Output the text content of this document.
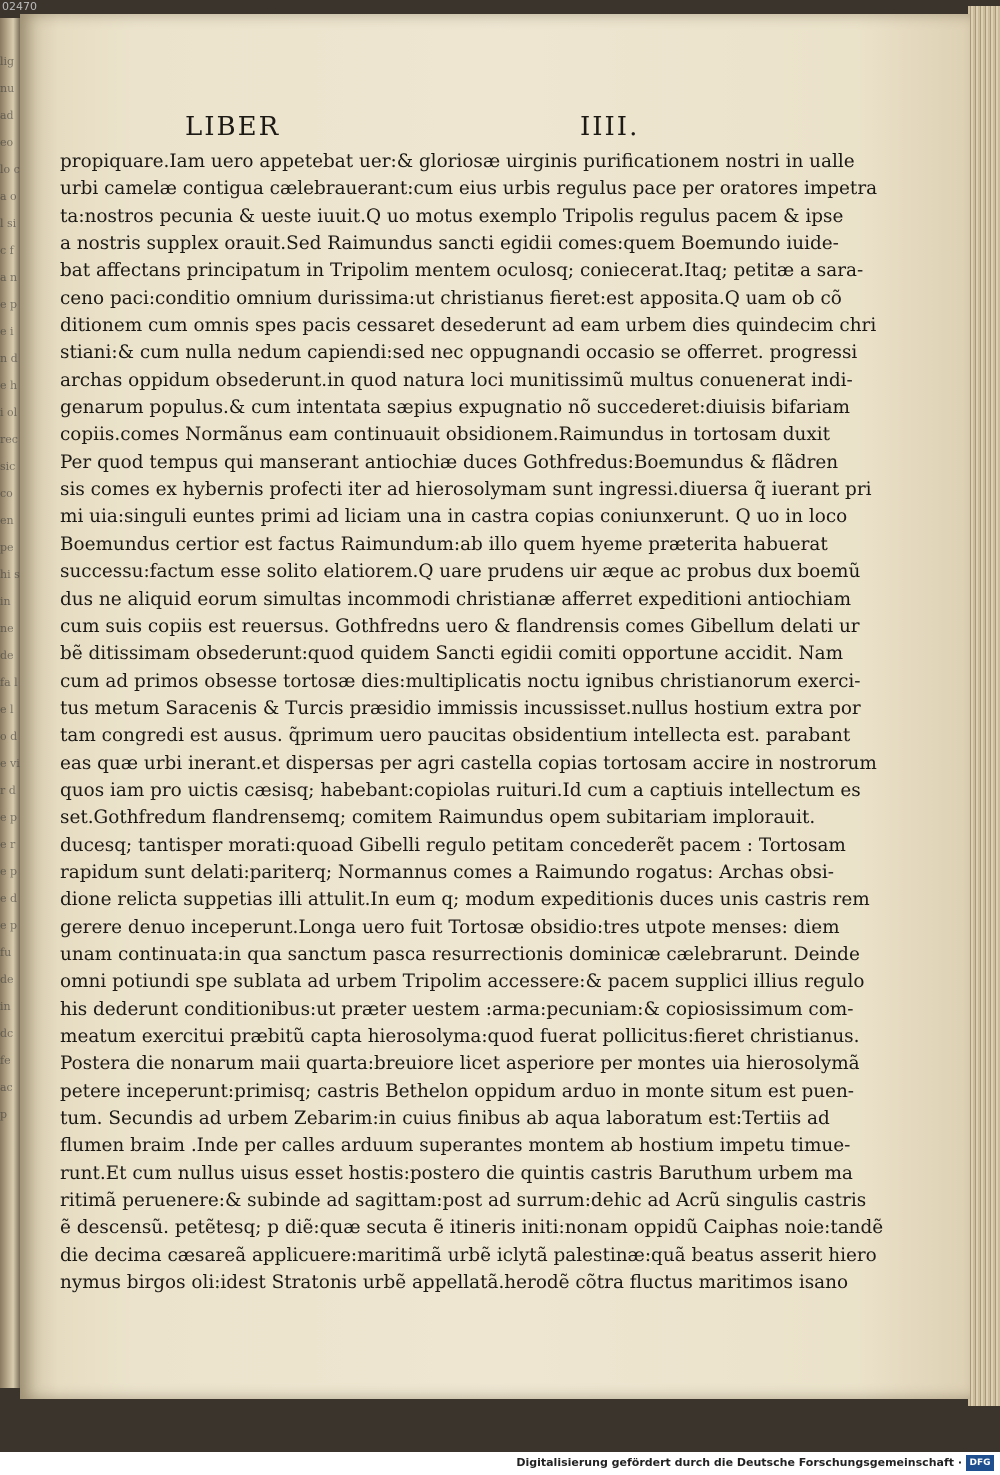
lig nu ad eo lo ca ol sic fa ne pe in de hi ol rec sic co en pe hi sin ne de fa le lo de vir de pe re pe de p fu de in dc fe ac p
02470
LIBER	IIII.
propiquare.Iam uero appetebat uer:& gloriosæ uirginis purificationem nostri in ualle
urbi camelæ contigua cælebrauerant:cum eius urbis regulus pace per oratores impetra
ta:nostros pecunia & ueste iuuit.Q uo motus exemplo Tripolis regulus pacem & ipse
a nostris supplex orauit.Sed Raimundus sancti egidii comes:quem Boemundo iuide-
bat affectans principatum in Tripolim mentem oculosq; coniecerat.Itaq; petitæ a sara-
ceno paci:conditio omnium durissima:ut christianus fieret:est apposita.Q uam ob cõ
ditionem cum omnis spes pacis cessaret desederunt ad eam urbem dies quindecim chri
stiani:& cum nulla nedum capiendi:sed nec oppugnandi occasio se offerret. progressi
archas oppidum obsederunt.in quod natura loci munitissimũ multus conuenerat indi-
genarum populus.& cum intentata sæpius expugnatio nõ succederet:diuisis bifariam
copiis.comes Normãnus eam continuauit obsidionem.Raimundus in tortosam duxit
Per quod tempus qui manserant antiochiæ duces Gothfredus:Boemundus & flãdren
sis comes ex hybernis profecti iter ad hierosolymam sunt ingressi.diuersa q̃ iuerant pri
mi uia:singuli euntes primi ad liciam una in castra copias coniunxerunt. Q uo in loco
Boemundus certior est factus Raimundum:ab illo quem hyeme præterita habuerat
successu:factum esse solito elatiorem.Q uare prudens uir æque ac probus dux boemũ
dus ne aliquid eorum simultas incommodi christianæ afferret expeditioni antiochiam
cum suis copiis est reuersus. Gothfredns uero & flandrensis comes Gibellum delati ur
bẽ ditissimam obsederunt:quod quidem Sancti egidii comiti opportune accidit. Nam
cum ad primos obsesse tortosæ dies:multiplicatis noctu ignibus christianorum exerci-
tus metum Saracenis & Turcis præsidio immissis incussisset.nullus hostium extra por
tam congredi est ausus. q̃primum uero paucitas obsidentium intellecta est. parabant
eas quæ urbi inerant.et dispersas per agri castella copias tortosam accire in nostrorum
quos iam pro uictis cæsisq; habebant:copiolas ruituri.Id cum a captiuis intellectum es
set.Gothfredum flandrensemq; comitem Raimundus opem subitariam implorauit.
ducesq; tantisper morati:quoad Gibelli regulo petitam concederẽt pacem : Tortosam
rapidum sunt delati:pariterq; Normannus comes a Raimundo rogatus: Archas obsi-
dione relicta suppetias illi attulit.In eum q; modum expeditionis duces unis castris rem
gerere denuo inceperunt.Longa uero fuit Tortosæ obsidio:tres utpote menses: diem
unam continuata:in qua sanctum pasca resurrectionis dominicæ cælebrarunt. Deinde
omni potiundi spe sublata ad urbem Tripolim accessere:& pacem supplici illius regulo
his dederunt conditionibus:ut præter uestem :arma:pecuniam:& copiosissimum com-
meatum exercitui præbitũ capta hierosolyma:quod fuerat pollicitus:fieret christianus.
Postera die nonarum maii quarta:breuiore licet asperiore per montes uia hierosolymã
petere inceperunt:primisq; castris Bethelon oppidum arduo in monte situm est puen-
tum. Secundis ad urbem Zebarim:in cuius finibus ab aqua laboratum est:Tertiis ad
flumen braim .Inde per calles arduum superantes montem ab hostium impetu timue-
runt.Et cum nullus uisus esset hostis:postero die quintis castris Baruthum urbem ma
ritimã peruenere:& subinde ad sagittam:post ad surrum:dehic ad Acrũ singulis castris
ẽ descensũ. petẽtesq; p diẽ:quæ secuta ẽ itineris initi:nonam oppidũ Caiphas noie:tandẽ
die decima cæsareã applicuere:maritimã urbẽ iclytã palestinæ:quã beatus asserit hiero
nymus birgos oli:idest Stratonis urbẽ appellatã.herodẽ cõtra fluctus maritimos isano
Digitalisierung gefördert durch die Deutsche Forschungsgemeinschaft · DFG
